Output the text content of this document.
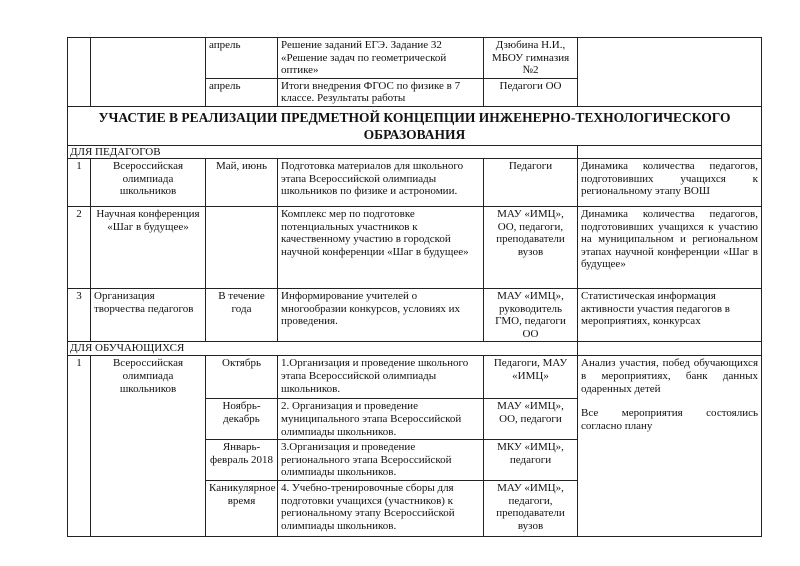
		апрель	Решение заданий ЕГЭ. Задание 32 «Решение задач по геометрической оптике»	Дзюбина Н.И., МБОУ гимназия №2	
		апрель	Итоги внедрения ФГОС по физике в 7 классе. Результаты работы	Педагоги ОО	
УЧАСТИЕ В РЕАЛИЗАЦИИ ПРЕДМЕТНОЙ КОНЦЕПЦИИ ИНЖЕНЕРНО-ТЕХНОЛОГИЧЕСКОГО ОБРАЗОВАНИЯ					
ДЛЯ ПЕДАГОГОВ					
1	Всероссийская олимпиада школьников	Май, июнь	Подготовка материалов для школьного этапа Всероссийской олимпиады школьников по физике и астрономии.	Педагоги	Динамика количества педагогов, подготовивших учащихся к региональному этапу ВОШ
2	Научная конференция «Шаг в будущее»		Комплекс мер по подготовке потенциальных участников к качественному участию в городской научной конференции «Шаг в будущее»	МАУ «ИМЦ», ОО, педагоги, преподаватели вузов	Динамика количества педагогов, подготовивших учащихся к участию на муниципальном и региональном этапах научной конференции «Шаг в будущее»
3	Организация творчества педагогов	В течение года	Информирование учителей о многообразии конкурсов, условиях их проведения.	МАУ «ИМЦ», руководитель ГМО, педагоги ОО	Статистическая информация активности участия педагогов в мероприятиях, конкурсах
ДЛЯ ОБУЧАЮЩИХСЯ					
1	Всероссийская олимпиада школьников	Октябрь	1.Организация и проведение школьного этапа Всероссийской олимпиады школьников.	Педагоги, МАУ «ИМЦ»	Анализ участия, побед обучающихся в мероприятиях, банк данных одаренных детей
Все мероприятия состоялись согласно плану

		Ноябрь-декабрь	2. Организация и проведение муниципального этапа Всероссийской олимпиады школьников.	МАУ «ИМЦ», ОО, педагоги	
		Январь-февраль 2018	3.Организация и проведение регионального этапа Всероссийской олимпиады школьников.	МКУ «ИМЦ», педагоги	
		Каникулярное время	4. Учебно-тренировочные сборы для подготовки учащихся (участников) к региональному этапу Всероссийской олимпиады школьников.	МАУ «ИМЦ», педагоги, преподаватели вузов	
